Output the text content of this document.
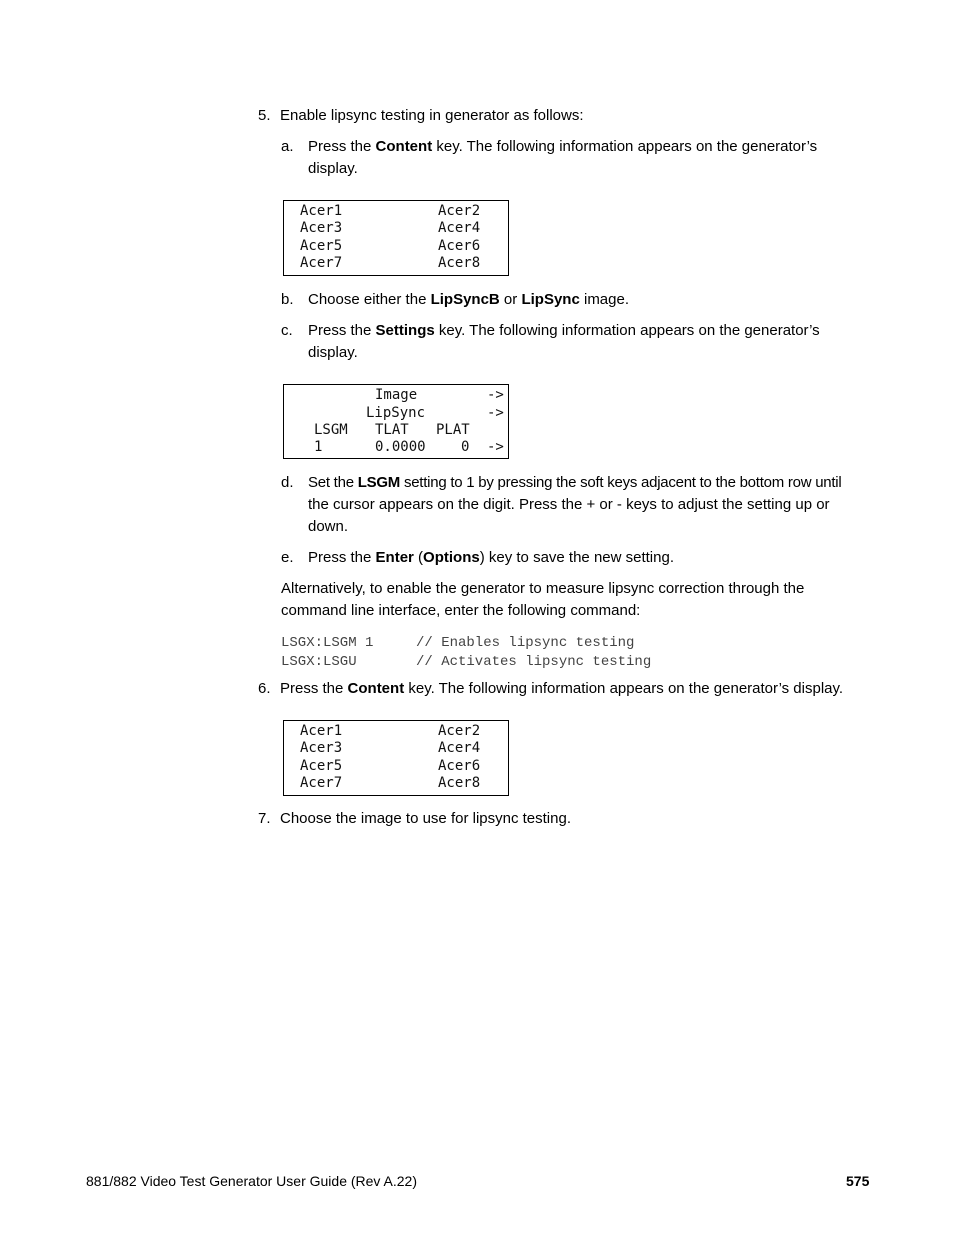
5. Enable lipsync testing in generator as follows:
a. Press the Content key. The following information appears on the generator’s
display.
Acer1	Acer2
Acer3	Acer4
Acer5	Acer6
Acer7	Acer8
b. Choose either the LipSyncB or LipSync image.
c. Press the Settings key. The following information appears on the generator’s
display.
Image	->
LipSync	->
LSGM TLAT PLAT
1	0.0000	0 ->
d. Set the LSGM setting to 1 by pressing the soft keys adjacent to the bottom row until
the cursor appears on the digit. Press the + or - keys to adjust the setting up or
down.
e. Press the Enter (Options) key to save the new setting.
Alternatively, to enable the generator to measure lipsync correction through the
command line interface, enter the following command:
LSGX:LSGM 1	// Enables lipsync testing
LSGX:LSGU	// Activates lipsync testing
6. Press the Content key. The following information appears on the generator’s display.
Acer1	Acer2
Acer3	Acer4
Acer5	Acer6
Acer7	Acer8
7. Choose the image to use for lipsync testing.
881/882 Video Test Generator User Guide (Rev A.22)	575
